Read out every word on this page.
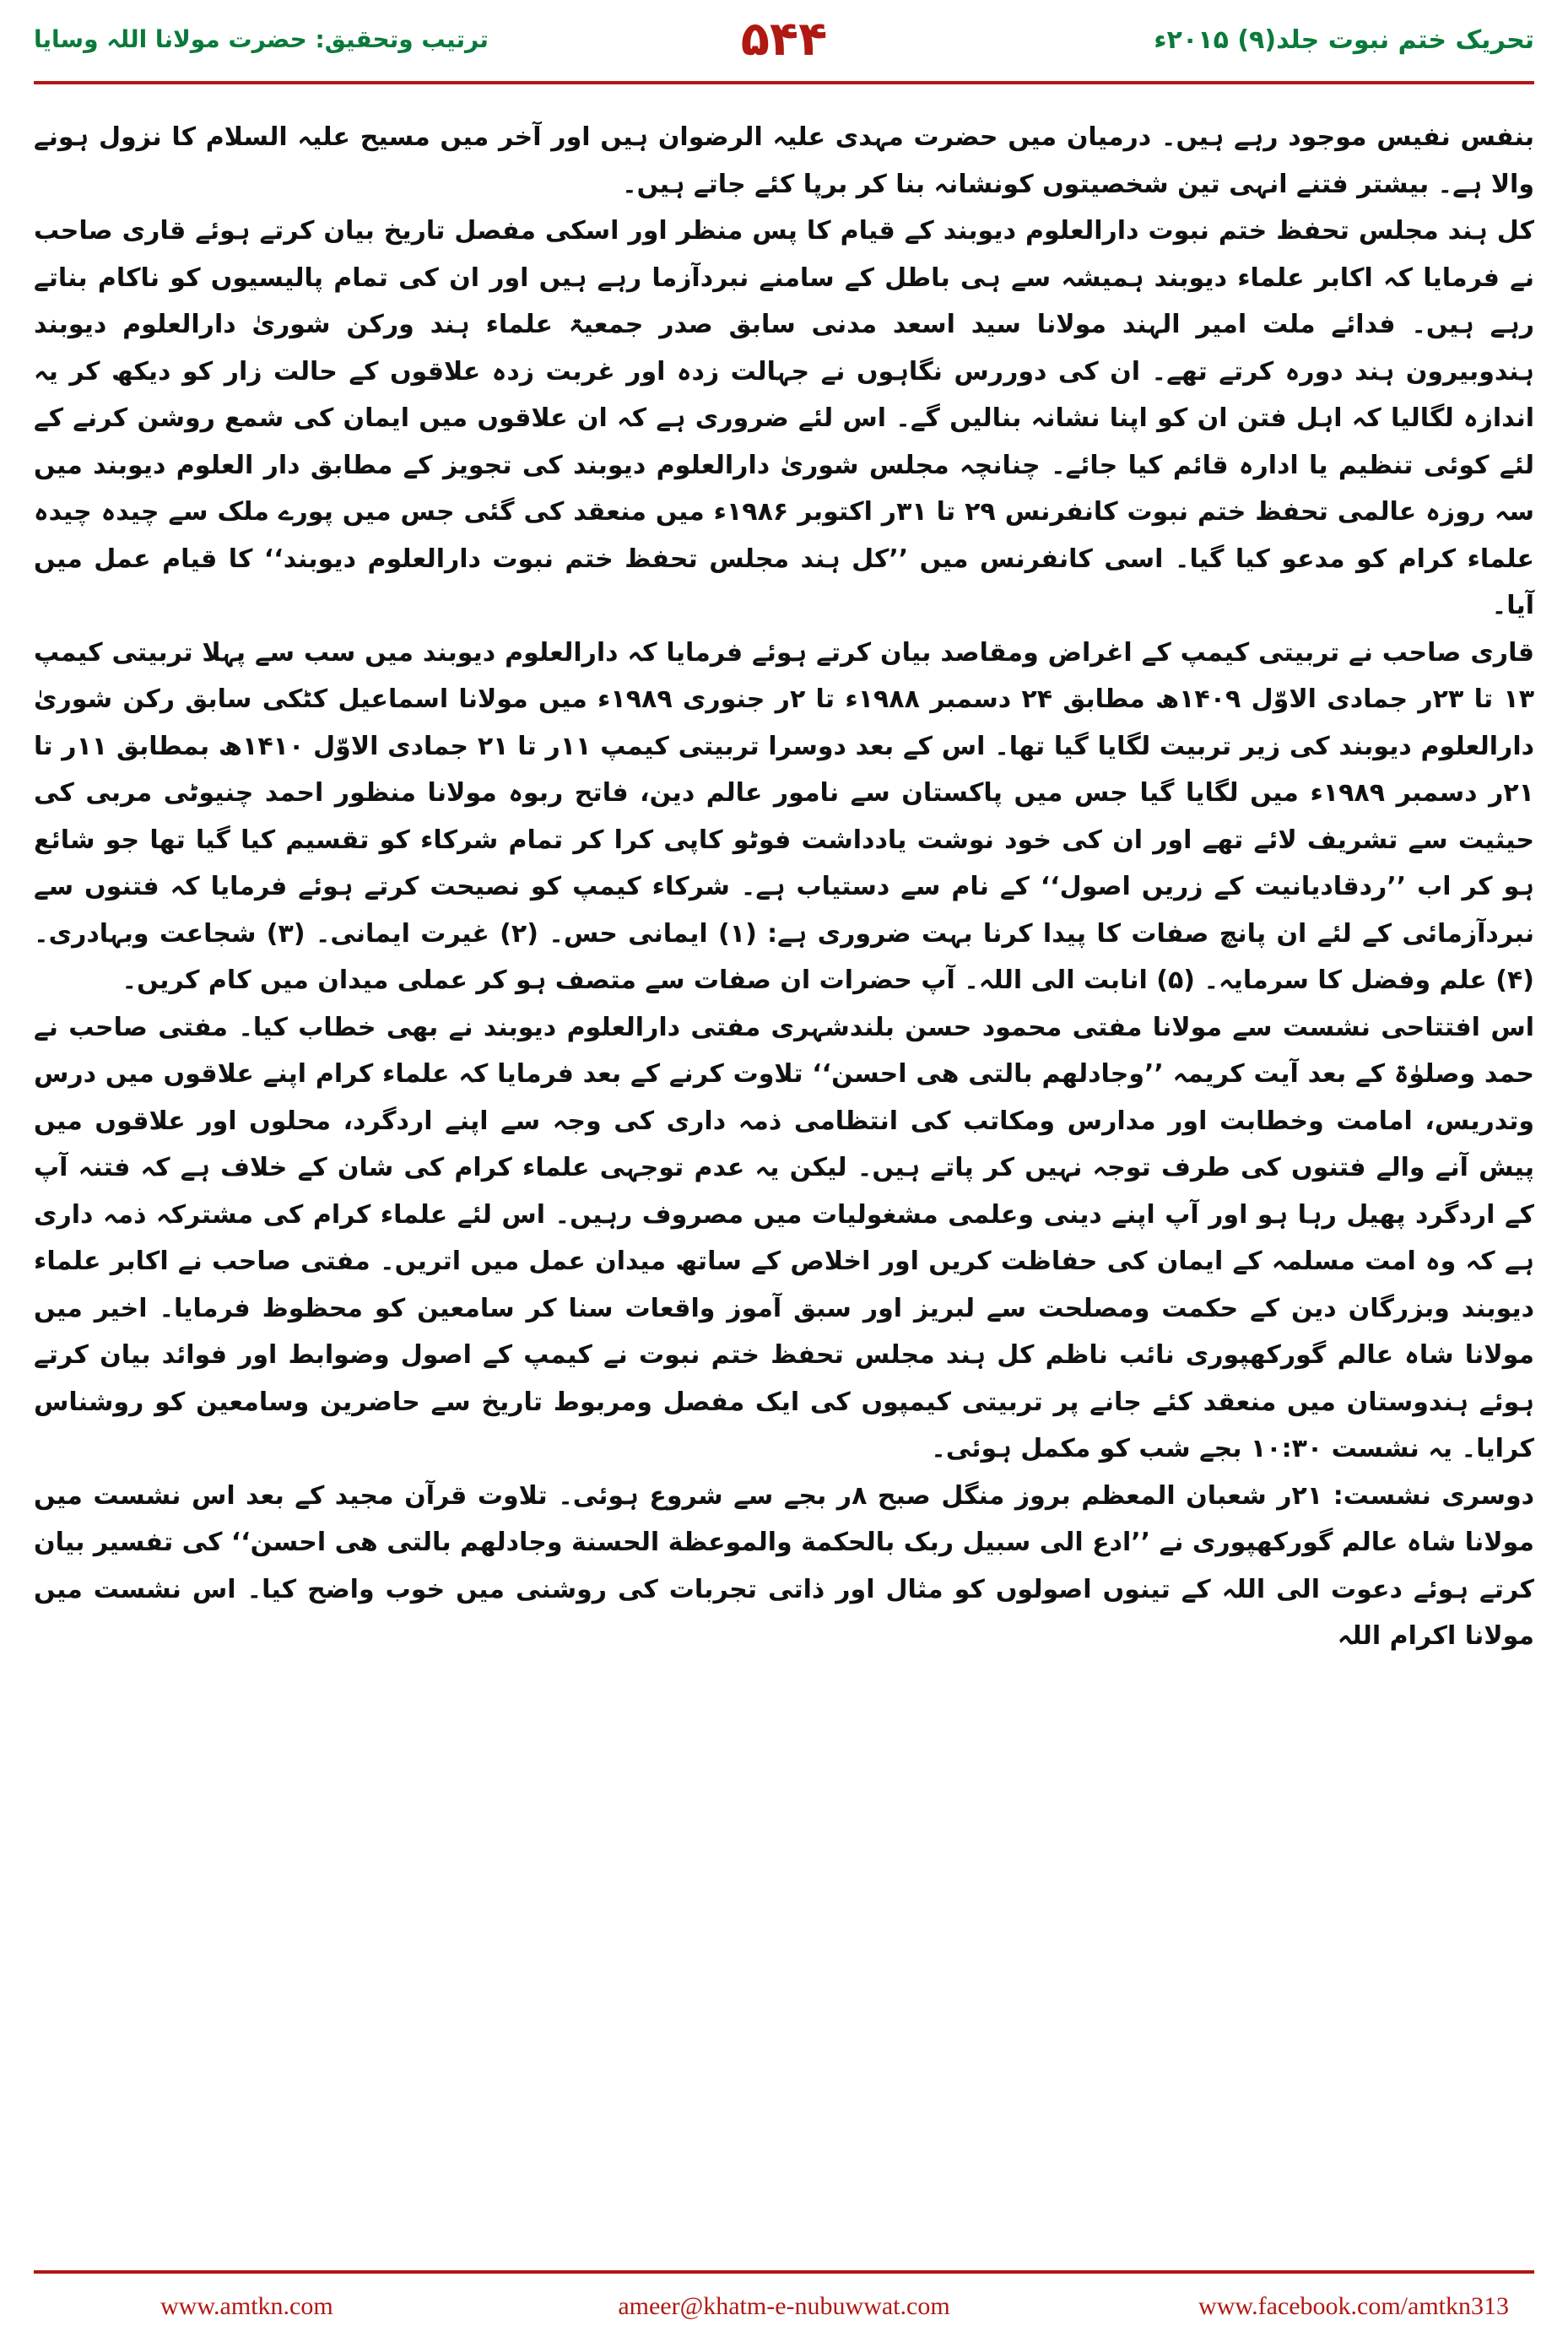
تحریک ختم نبوت جلد(۹) ۲۰۱۵ء
۵۴۴
ترتیب وتحقیق: حضرت مولانا اللہ وسایا

بنفس نفیس موجود رہے ہیں۔ درمیان میں حضرت مہدی علیہ الرضوان ہیں اور آخر میں مسیح علیہ السلام کا نزول ہونے والا ہے۔ بیشتر فتنے انہی تین شخصیتوں کونشانہ بنا کر برپا کئے جاتے ہیں۔

کل ہند مجلس تحفظ ختم نبوت دارالعلوم دیوبند کے قیام کا پس منظر اور اسکی مفصل تاریخ بیان کرتے ہوئے قاری صاحب نے فرمایا کہ اکابر علماء دیوبند ہمیشہ سے ہی باطل کے سامنے نبردآزما رہے ہیں اور ان کی تمام پالیسیوں کو ناکام بناتے رہے ہیں۔ فدائے ملت امیر الہند مولانا سید اسعد مدنی سابق صدر جمعیۃ علماء ہند ورکن شوریٰ دارالعلوم دیوبند ہندوبیرون ہند دورہ کرتے تھے۔ ان کی دوررس نگاہوں نے جہالت زدہ اور غربت زدہ علاقوں کے حالت زار کو دیکھ کر یہ اندازہ لگالیا کہ اہل فتن ان کو اپنا نشانہ بنالیں گے۔ اس لئے ضروری ہے کہ ان علاقوں میں ایمان کی شمع روشن کرنے کے لئے کوئی تنظیم یا ادارہ قائم کیا جائے۔ چنانچہ مجلس شوریٰ دارالعلوم دیوبند کی تجویز کے مطابق دار العلوم دیوبند میں سہ روزہ عالمی تحفظ ختم نبوت کانفرنس ۲۹ تا ۳۱ر اکتوبر ۱۹۸۶ء میں منعقد کی گئی جس میں پورے ملک سے چیدہ چیدہ علماء کرام کو مدعو کیا گیا۔ اسی کانفرنس میں ’’کل ہند مجلس تحفظ ختم نبوت دارالعلوم دیوبند‘‘ کا قیام عمل میں آیا۔

قاری صاحب نے تربیتی کیمپ کے اغراض ومقاصد بیان کرتے ہوئے فرمایا کہ دارالعلوم دیوبند میں سب سے پہلا تربیتی کیمپ ۱۳ تا ۲۳ر جمادی الاوّل ۱۴۰۹ھ مطابق ۲۴ دسمبر ۱۹۸۸ء تا ۲ر جنوری ۱۹۸۹ء میں مولانا اسماعیل کٹکی سابق رکن شوریٰ دارالعلوم دیوبند کی زیر تربیت لگایا گیا تھا۔ اس کے بعد دوسرا تربیتی کیمپ ۱۱ر تا ۲۱ جمادی الاوّل ۱۴۱۰ھ بمطابق ۱۱ر تا ۲۱ر دسمبر ۱۹۸۹ء میں لگایا گیا جس میں پاکستان سے نامور عالم دین، فاتح ربوہ مولانا منظور احمد چنیوٹی مربی کی حیثیت سے تشریف لائے تھے اور ان کی خود نوشت یادداشت فوٹو کاپی کرا کر تمام شرکاء کو تقسیم کیا گیا تھا جو شائع ہو کر اب ’’ردقادیانیت کے زریں اصول‘‘ کے نام سے دستیاب ہے۔ شرکاء کیمپ کو نصیحت کرتے ہوئے فرمایا کہ فتنوں سے نبردآزمائی کے لئے ان پانچ صفات کا پیدا کرنا بہت ضروری ہے: (۱) ایمانی حس۔ (۲) غیرت ایمانی۔ (۳) شجاعت وبہادری۔ (۴) علم وفضل کا سرمایہ۔ (۵) انابت الی اللہ۔ آپ حضرات ان صفات سے متصف ہو کر عملی میدان میں کام کریں۔

اس افتتاحی نشست سے مولانا مفتی محمود حسن بلندشہری مفتی دارالعلوم دیوبند نے بھی خطاب کیا۔ مفتی صاحب نے حمد وصلوٰۃ کے بعد آیت کریمہ ’’وجادلهم بالتی هی احسن‘‘ تلاوت کرنے کے بعد فرمایا کہ علماء کرام اپنے علاقوں میں درس وتدریس، امامت وخطابت اور مدارس ومکاتب کی انتظامی ذمہ داری کی وجہ سے اپنے اردگرد، محلوں اور علاقوں میں پیش آنے والے فتنوں کی طرف توجہ نہیں کر پاتے ہیں۔ لیکن یہ عدم توجہی علماء کرام کی شان کے خلاف ہے کہ فتنہ آپ کے اردگرد پھیل رہا ہو اور آپ اپنے دینی وعلمی مشغولیات میں مصروف رہیں۔ اس لئے علماء کرام کی مشترکہ ذمہ داری ہے کہ وہ امت مسلمہ کے ایمان کی حفاظت کریں اور اخلاص کے ساتھ میدان عمل میں اتریں۔ مفتی صاحب نے اکابر علماء دیوبند وبزرگان دین کے حکمت ومصلحت سے لبریز اور سبق آموز واقعات سنا کر سامعین کو محظوظ فرمایا۔ اخیر میں مولانا شاہ عالم گورکھپوری نائب ناظم کل ہند مجلس تحفظ ختم نبوت نے کیمپ کے اصول وضوابط اور فوائد بیان کرتے ہوئے ہندوستان میں منعقد کئے جانے پر تربیتی کیمپوں کی ایک مفصل ومربوط تاریخ سے حاضرین وسامعین کو روشناس کرایا۔ یہ نشست ۱۰:۳۰ بجے شب کو مکمل ہوئی۔

دوسری نشست: ۲۱ر شعبان المعظم بروز منگل صبح ۸ر بجے سے شروع ہوئی۔ تلاوت قرآن مجید کے بعد اس نشست میں مولانا شاہ عالم گورکھپوری نے ’’ادع الی سبیل ربک بالحکمة والموعظة الحسنة وجادلهم بالتی هی احسن‘‘ کی تفسیر بیان کرتے ہوئے دعوت الی اللہ کے تینوں اصولوں کو مثال اور ذاتی تجربات کی روشنی میں خوب واضح کیا۔ اس نشست میں مولانا اکرام اللہ

www.amtkn.com	ameer@khatm-e-nubuwwat.com	www.facebook.com/amtkn313
